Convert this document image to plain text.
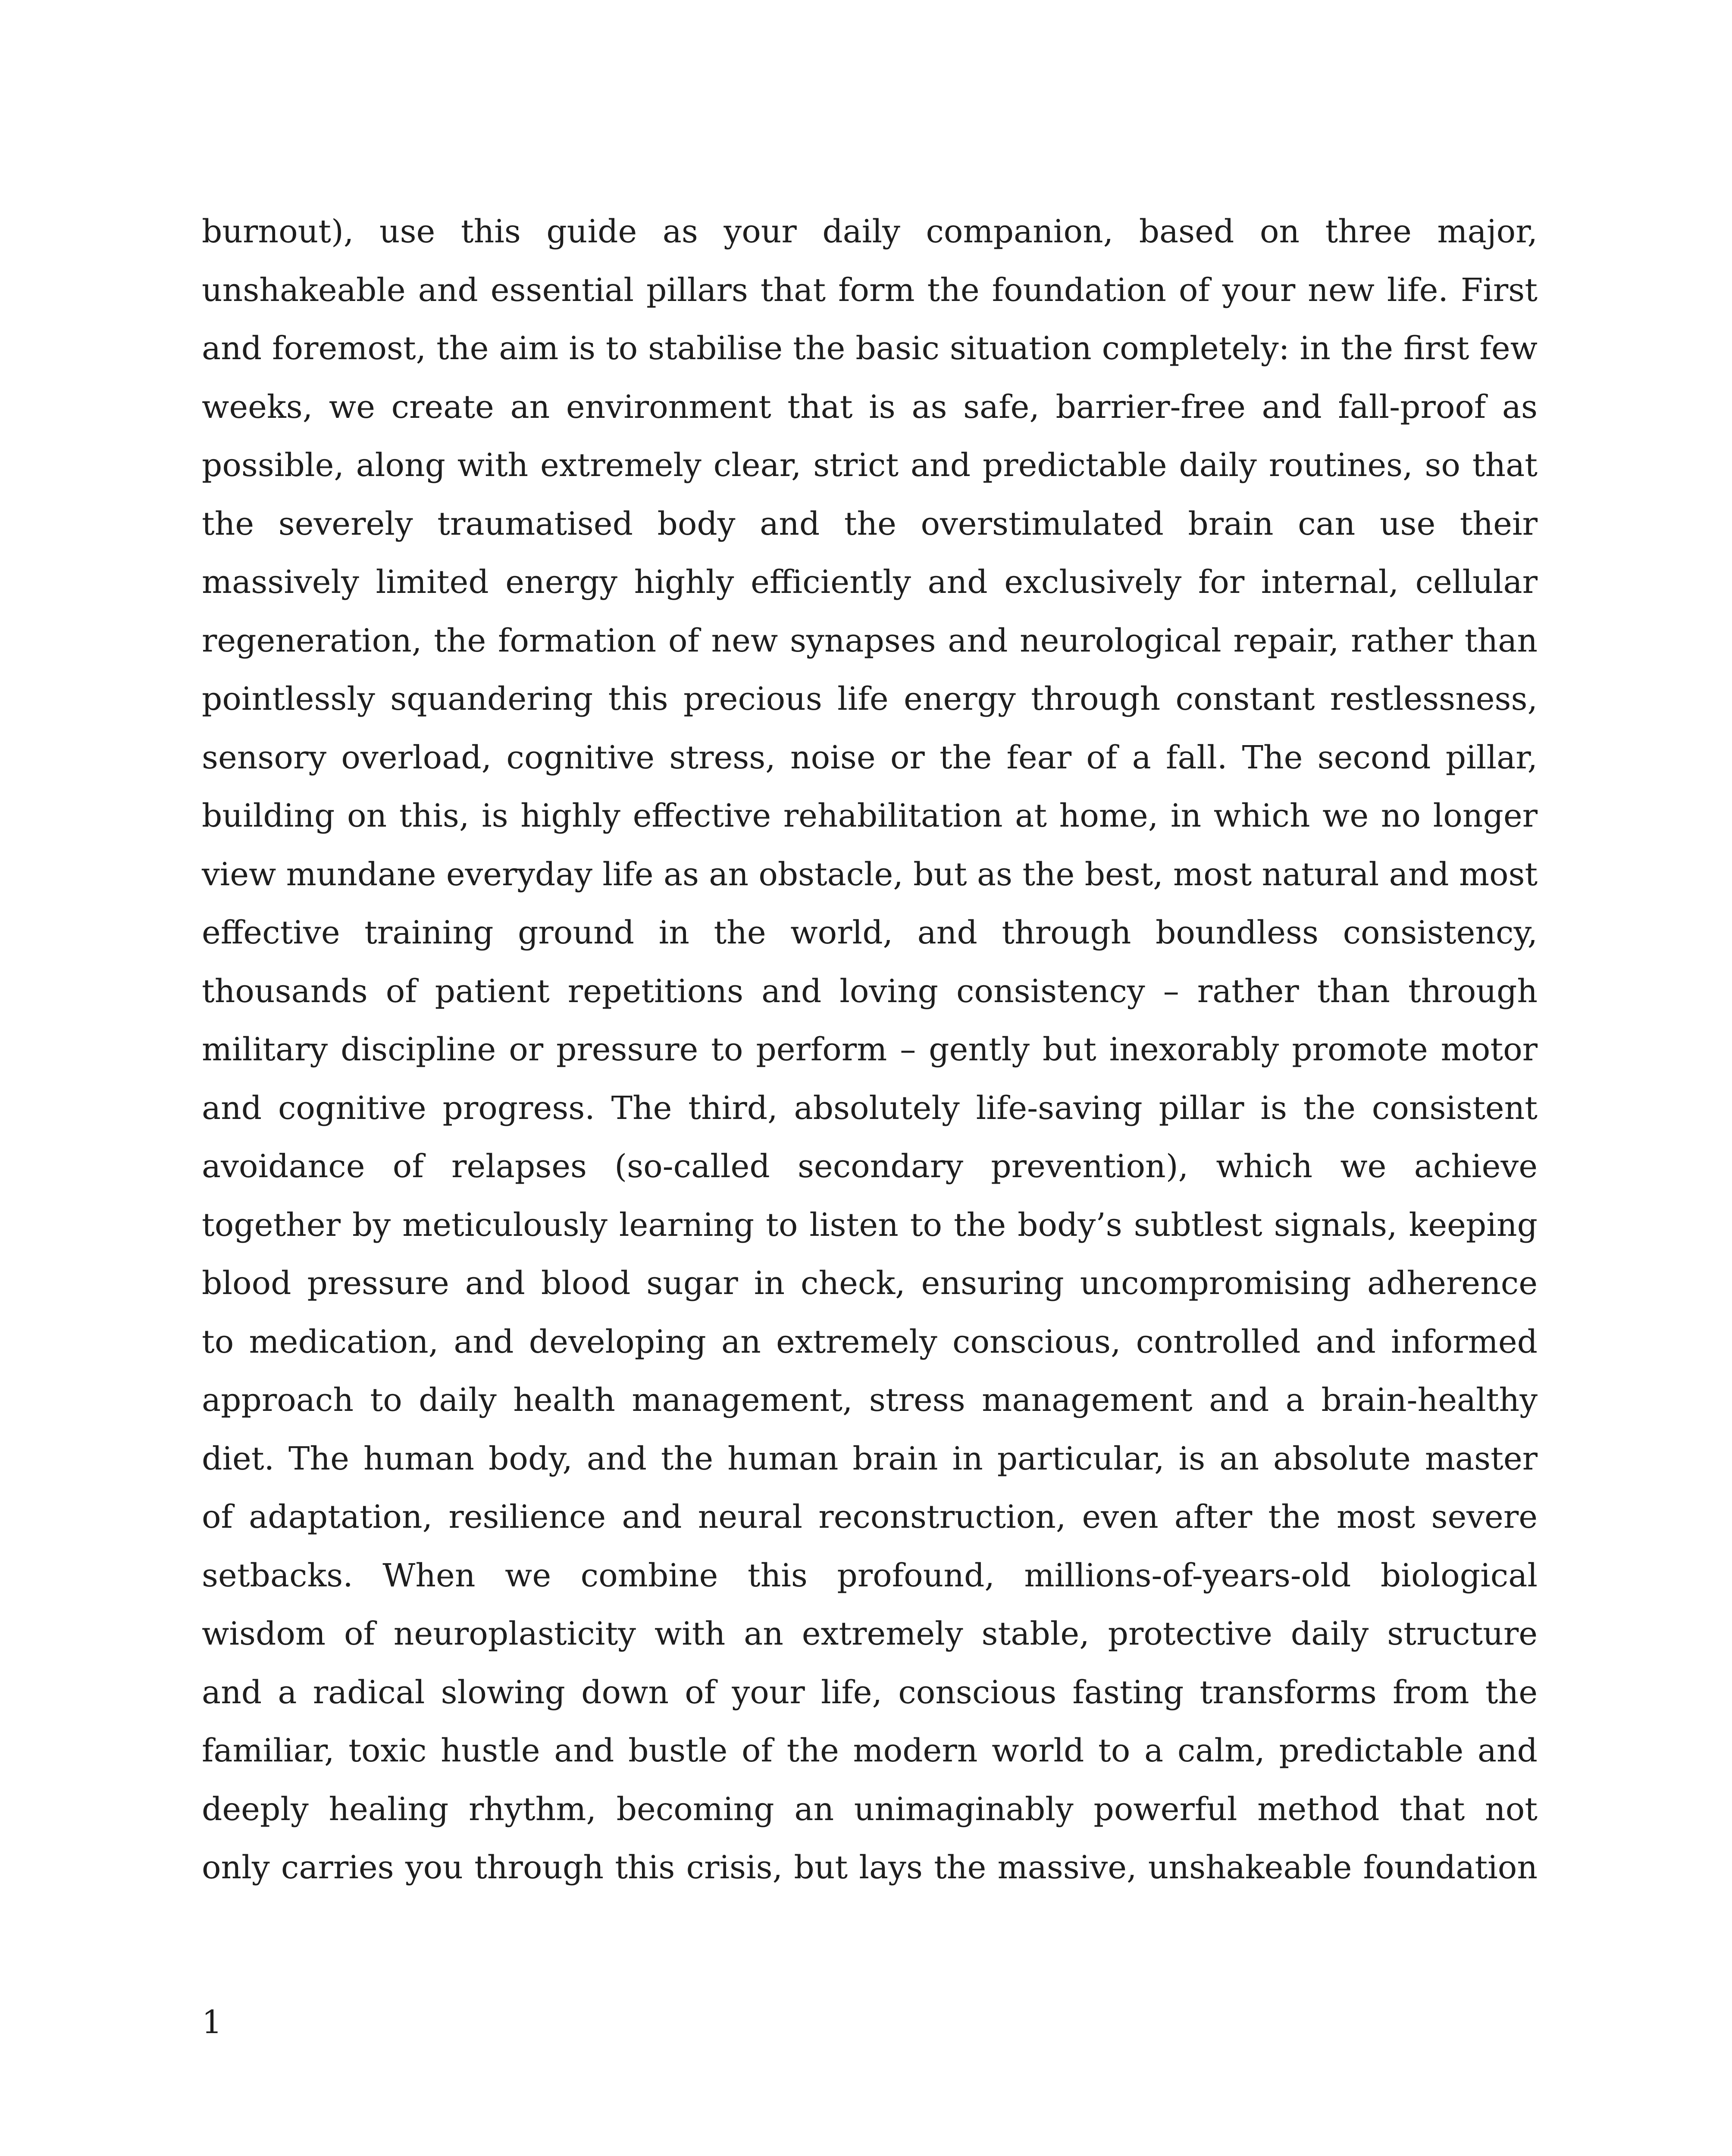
burnout), use this guide as your daily companion, based on three major,
unshakeable and essential pillars that form the foundation of your new life. First
and foremost, the aim is to stabilise the basic situation completely: in the first few
weeks, we create an environment that is as safe, barrier-free and fall-proof as
possible, along with extremely clear, strict and predictable daily routines, so that
the severely traumatised body and the overstimulated brain can use their
massively limited energy highly efficiently and exclusively for internal, cellular
regeneration, the formation of new synapses and neurological repair, rather than
pointlessly squandering this precious life energy through constant restlessness,
sensory overload, cognitive stress, noise or the fear of a fall. The second pillar,
building on this, is highly effective rehabilitation at home, in which we no longer
view mundane everyday life as an obstacle, but as the best, most natural and most
effective training ground in the world, and through boundless consistency,
thousands of patient repetitions and loving consistency – rather than through
military discipline or pressure to perform – gently but inexorably promote motor
and cognitive progress. The third, absolutely life-saving pillar is the consistent
avoidance of relapses (so-called secondary prevention), which we achieve
together by meticulously learning to listen to the body’s subtlest signals, keeping
blood pressure and blood sugar in check, ensuring uncompromising adherence
to medication, and developing an extremely conscious, controlled and informed
approach to daily health management, stress management and a brain-healthy
diet. The human body, and the human brain in particular, is an absolute master
of adaptation, resilience and neural reconstruction, even after the most severe
setbacks. When we combine this profound, millions-of-years-old biological
wisdom of neuroplasticity with an extremely stable, protective daily structure
and a radical slowing down of your life, conscious fasting transforms from the
familiar, toxic hustle and bustle of the modern world to a calm, predictable and
deeply healing rhythm, becoming an unimaginably powerful method that not
only carries you through this crisis, but lays the massive, unshakeable foundation
1
